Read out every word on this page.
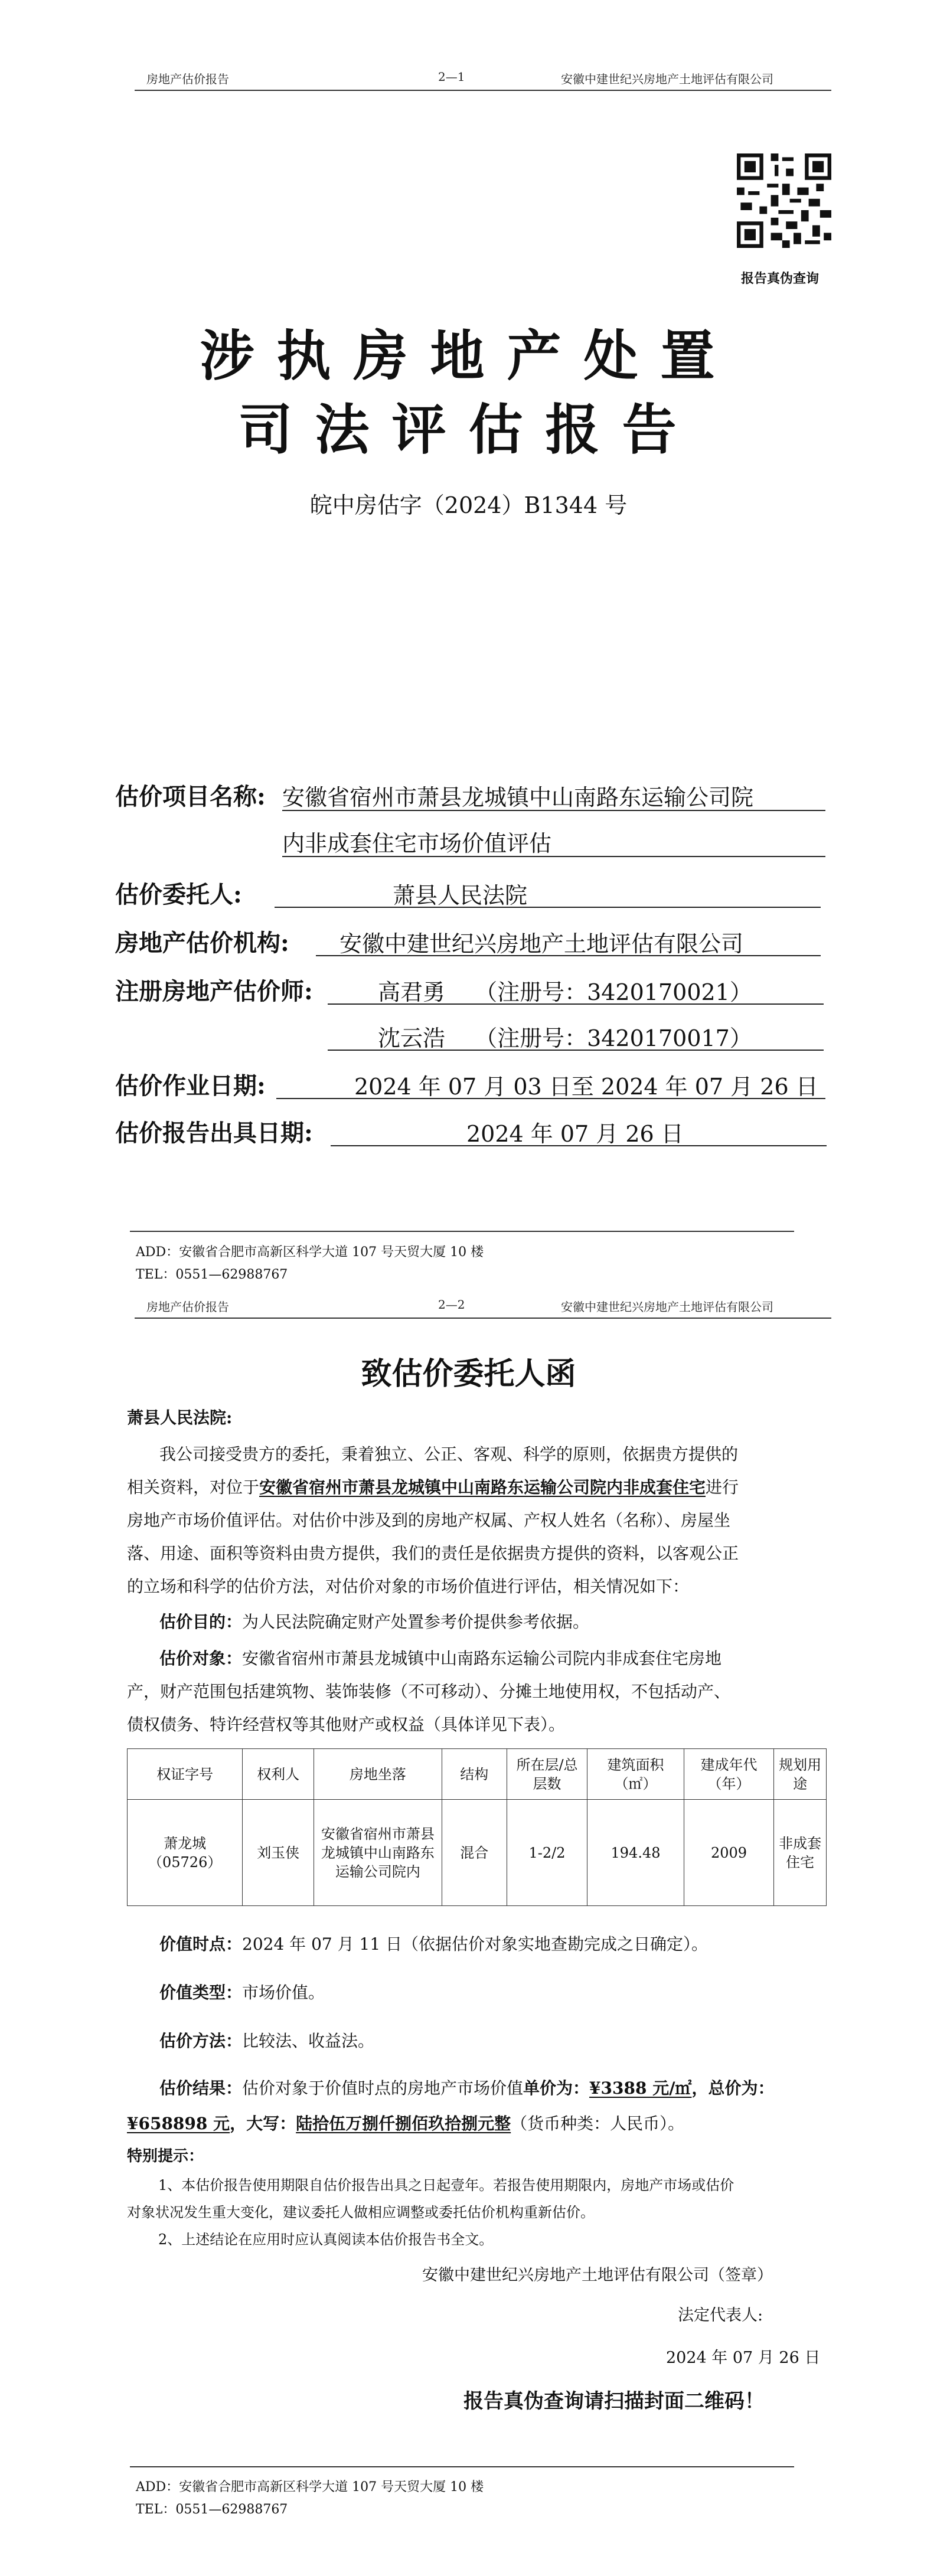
房地产估价报告	2—1	安徽中建世纪兴房地产土地评估有限公司
报告真伪查询
涉执房地产处置
司法评估报告
皖中房估字（2024）B1344 号
估价项目名称: 安徽省宿州市萧县龙城镇中山南路东运输公司院
内非成套住宅市场价值评估
估价委托人:	萧县人民法院
房地产估价机构: 安徽中建世纪兴房地产土地评估有限公司
注册房地产估价师:	高君勇　 （注册号：3420170021）
沈云浩　 （注册号：3420170017）
估价作业日期:	2024 年 07 月 03 日至 2024 年 07 月 26 日
估价报告出具日期:	2024 年 07 月 26 日
ADD：安徽省合肥市高新区科学大道 107 号天贸大厦 10 楼
TEL：0551—62988767
房地产估价报告	2—2	安徽中建世纪兴房地产土地评估有限公司
致估价委托人函
萧县人民法院:
我公司接受贵方的委托，秉着独立、公正、客观、科学的原则，依据贵方提供的
相关资料，对位于安徽省宿州市萧县龙城镇中山南路东运输公司院内非成套住宅进行
房地产市场价值评估。对估价中涉及到的房地产权属、产权人姓名（名称）、房屋坐
落、用途、面积等资料由贵方提供，我们的责任是依据贵方提供的资料，以客观公正
的立场和科学的估价方法，对估价对象的市场价值进行评估，相关情况如下：
估价目的：为人民法院确定财产处置参考价提供参考依据。
估价对象：安徽省宿州市萧县龙城镇中山南路东运输公司院内非成套住宅房地
产，财产范围包括建筑物、装饰装修（不可移动）、分摊土地使用权，不包括动产、
债权债务、特许经营权等其他财产或权益（具体详见下表）。
权证字号	权利人	房地坐落	结构	所在层/总层数	建筑面积（㎡）	建成年代（年）	规划用途
萧龙城（05726）	刘玉侠	安徽省宿州市萧县龙城镇中山南路东运输公司院内	混合	1-2/2	194.48	2009	非成套住宅
价值时点：2024 年 07 月 11 日（依据估价对象实地查勘完成之日确定）。
价值类型：市场价值。
估价方法：比较法、收益法。
估价结果：估价对象于价值时点的房地产市场价值单价为：¥3388 元/㎡，总价为：
¥658898 元，大写：陆拾伍万捌仟捌佰玖拾捌元整（货币种类：人民币）。
特别提示：
1、本估价报告使用期限自估价报告出具之日起壹年。若报告使用期限内，房地产市场或估价
对象状况发生重大变化，建议委托人做相应调整或委托估价机构重新估价。
2、上述结论在应用时应认真阅读本估价报告书全文。
安徽中建世纪兴房地产土地评估有限公司（签章）
法定代表人:
2024 年 07 月 26 日
报告真伪查询请扫描封面二维码！
ADD：安徽省合肥市高新区科学大道 107 号天贸大厦 10 楼
TEL：0551—62988767
